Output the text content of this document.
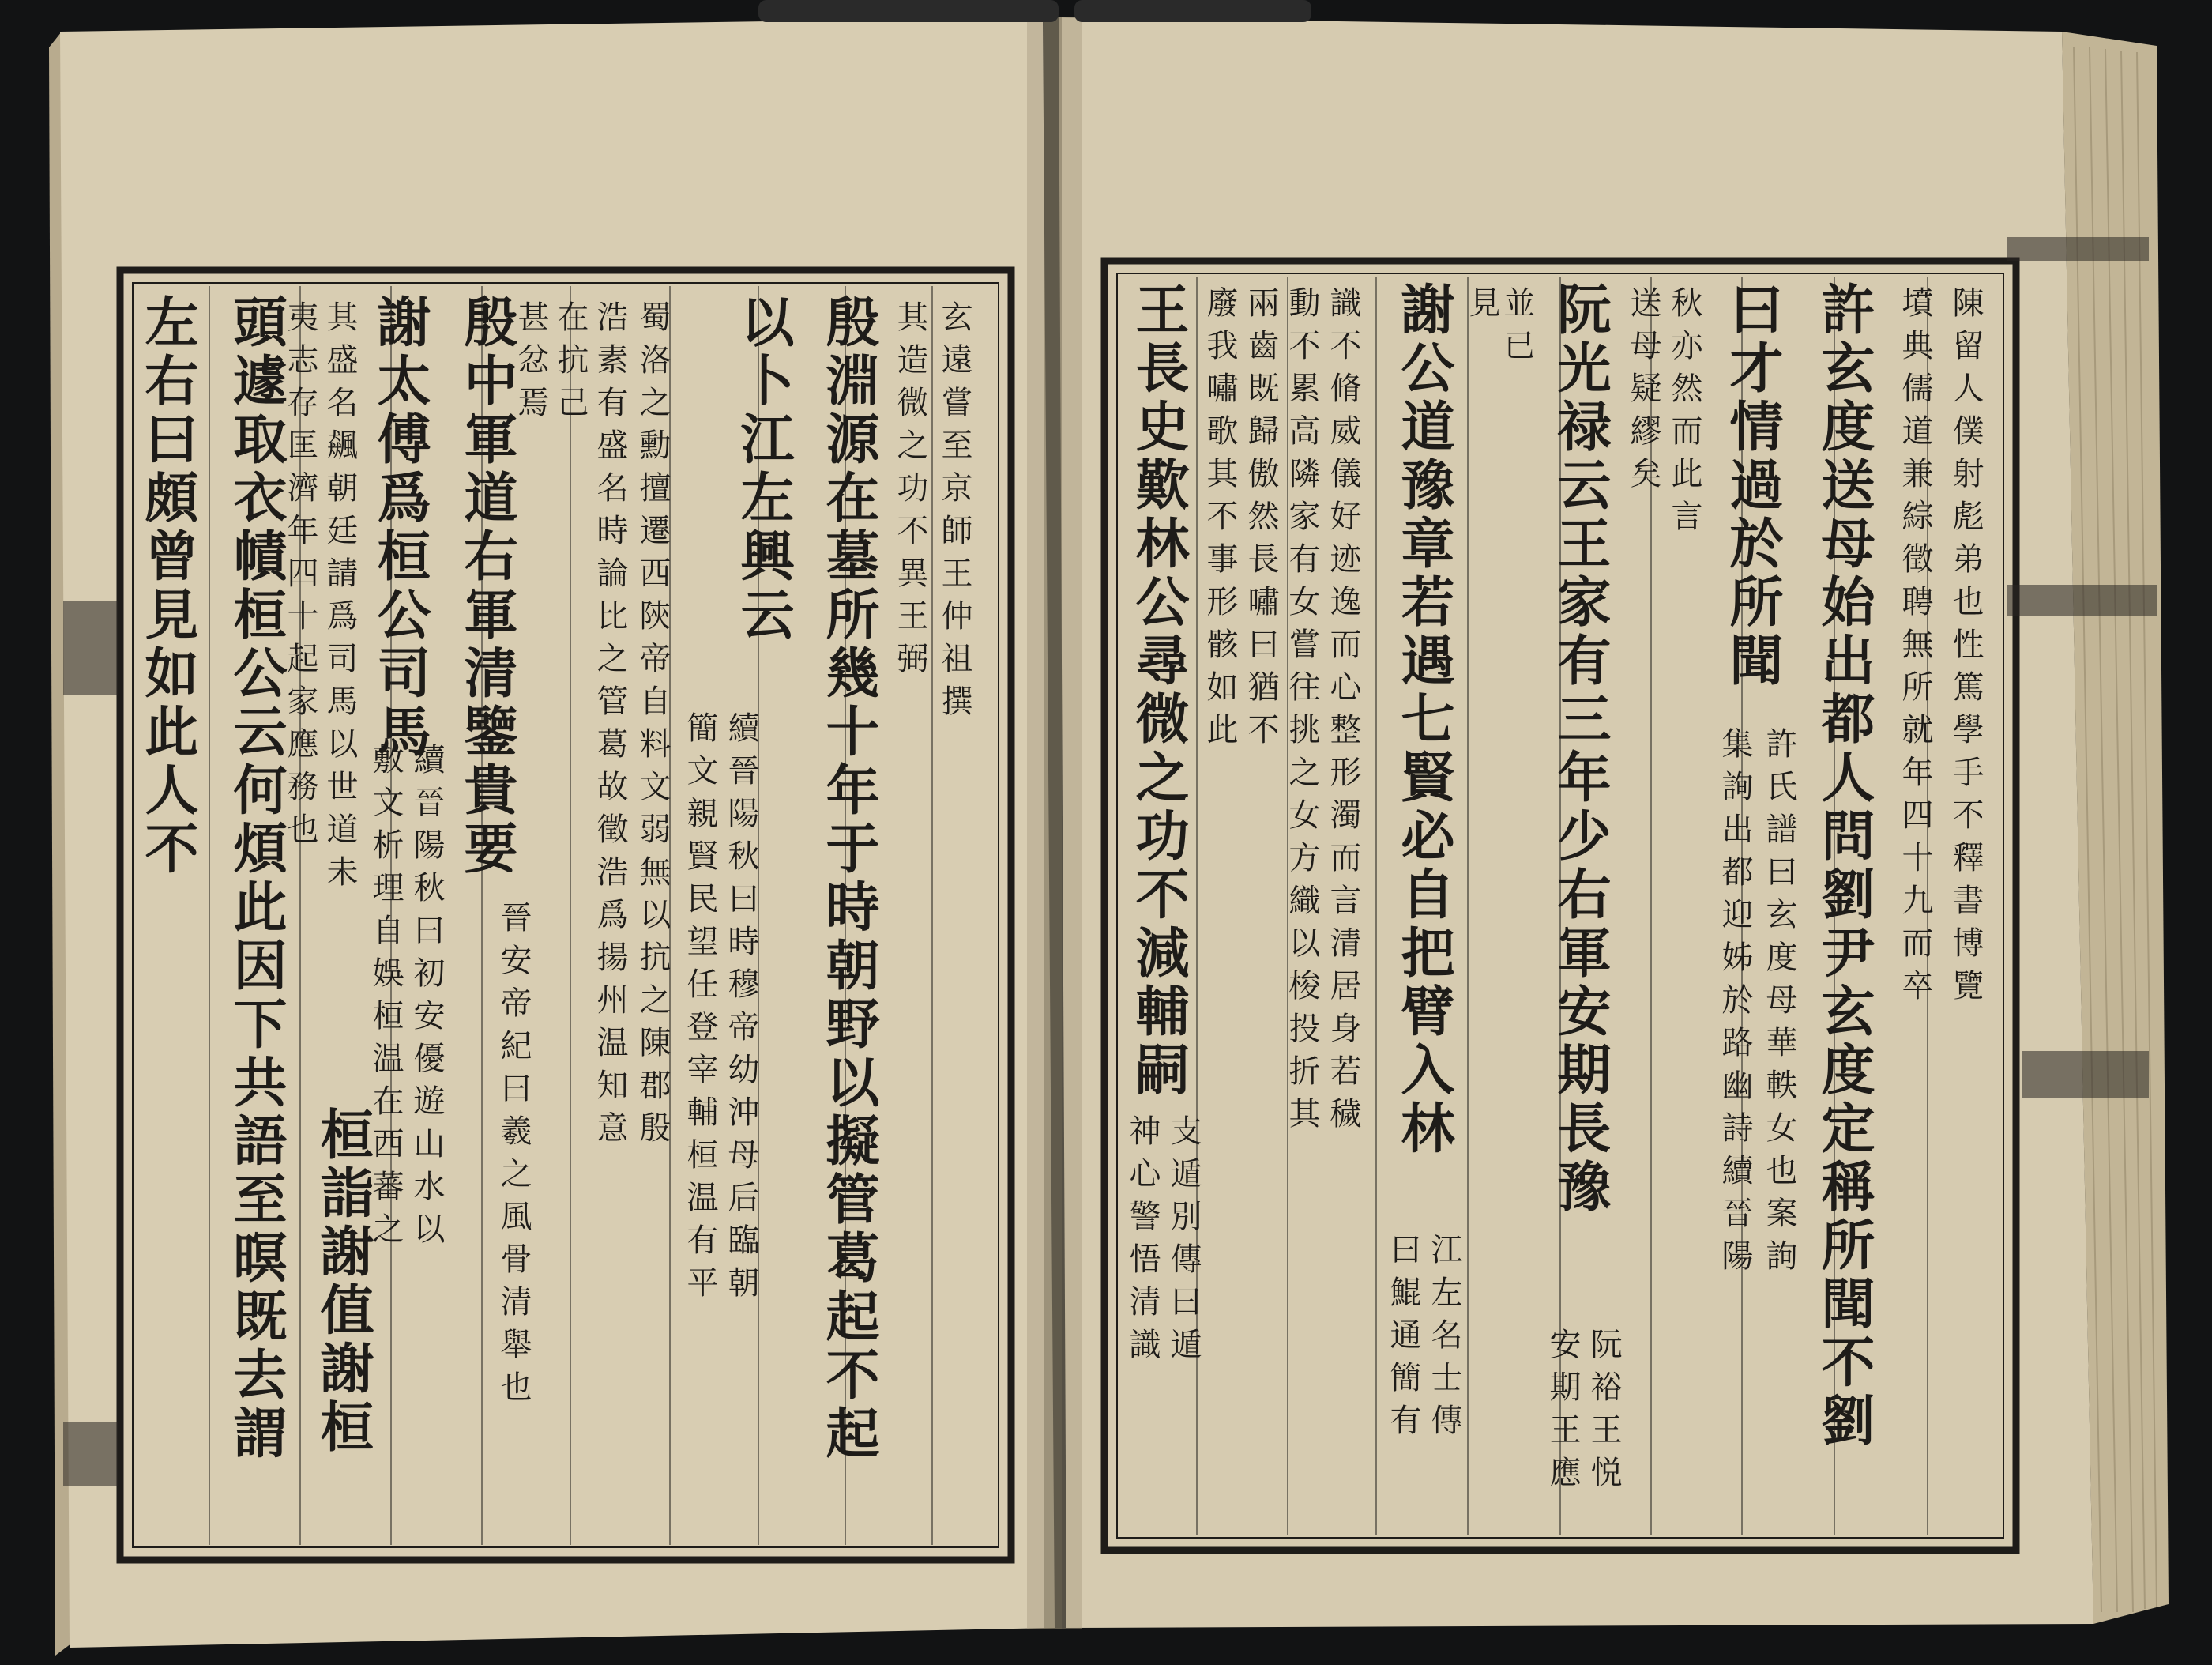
玄遠嘗至京師王仲祖撰
其造微之功不異王弼
殷淵源在墓所幾十年于時朝野以擬管葛起不起
以卜江左興云
續晉陽秋曰時穆帝幼沖母后臨朝
簡文親賢民望任登宰輔桓温有平
蜀洛之勳擅遷西陝帝自料文弱無以抗之陳郡殷
浩素有盛名時論比之管葛故徵浩爲揚州温知意
在抗己
甚忿焉
殷中軍道右軍清鑒貴要
晉安帝紀曰羲之風骨清舉也
謝太傅爲桓公司馬
續晉陽秋曰初安優遊山水以
敷文析理自娛桓温在西蕃之
其盛名飆朝廷請爲司馬以世道未
夷志存匡濟年四十起家應務也
桓詣謝值謝桓
頭遽取衣幘桓公云何煩此因下共語至暝既去謂
左右曰頗曾見如此人不	陳留人僕射彪弟也性篤學手不釋書博覽
墳典儒道兼綜徵聘無所就年四十九而卒
許玄度送母始出都人問劉尹玄度定稱所聞不劉
曰才情過於所聞
許氏譜曰玄度母華軼女也案詢
集詢出都迎姊於路幽詩續晉陽
秋亦然而此言
送母疑繆矣
阮光禄云王家有三年少右軍安期長豫
阮裕王悦
安期王應
並已
見
謝公道豫章若遇七賢必自把臂入林
江左名士傳
曰鯤通簡有
識不脩威儀好迹逸而心整形濁而言清居身若穢
動不累高隣家有女嘗往挑之女方織以梭投折其
兩齒既歸傲然長嘯曰猶不
廢我嘯歌其不事形骸如此
王長史歎林公尋微之功不減輔嗣
支遁別傳曰遁
神心警悟清識
